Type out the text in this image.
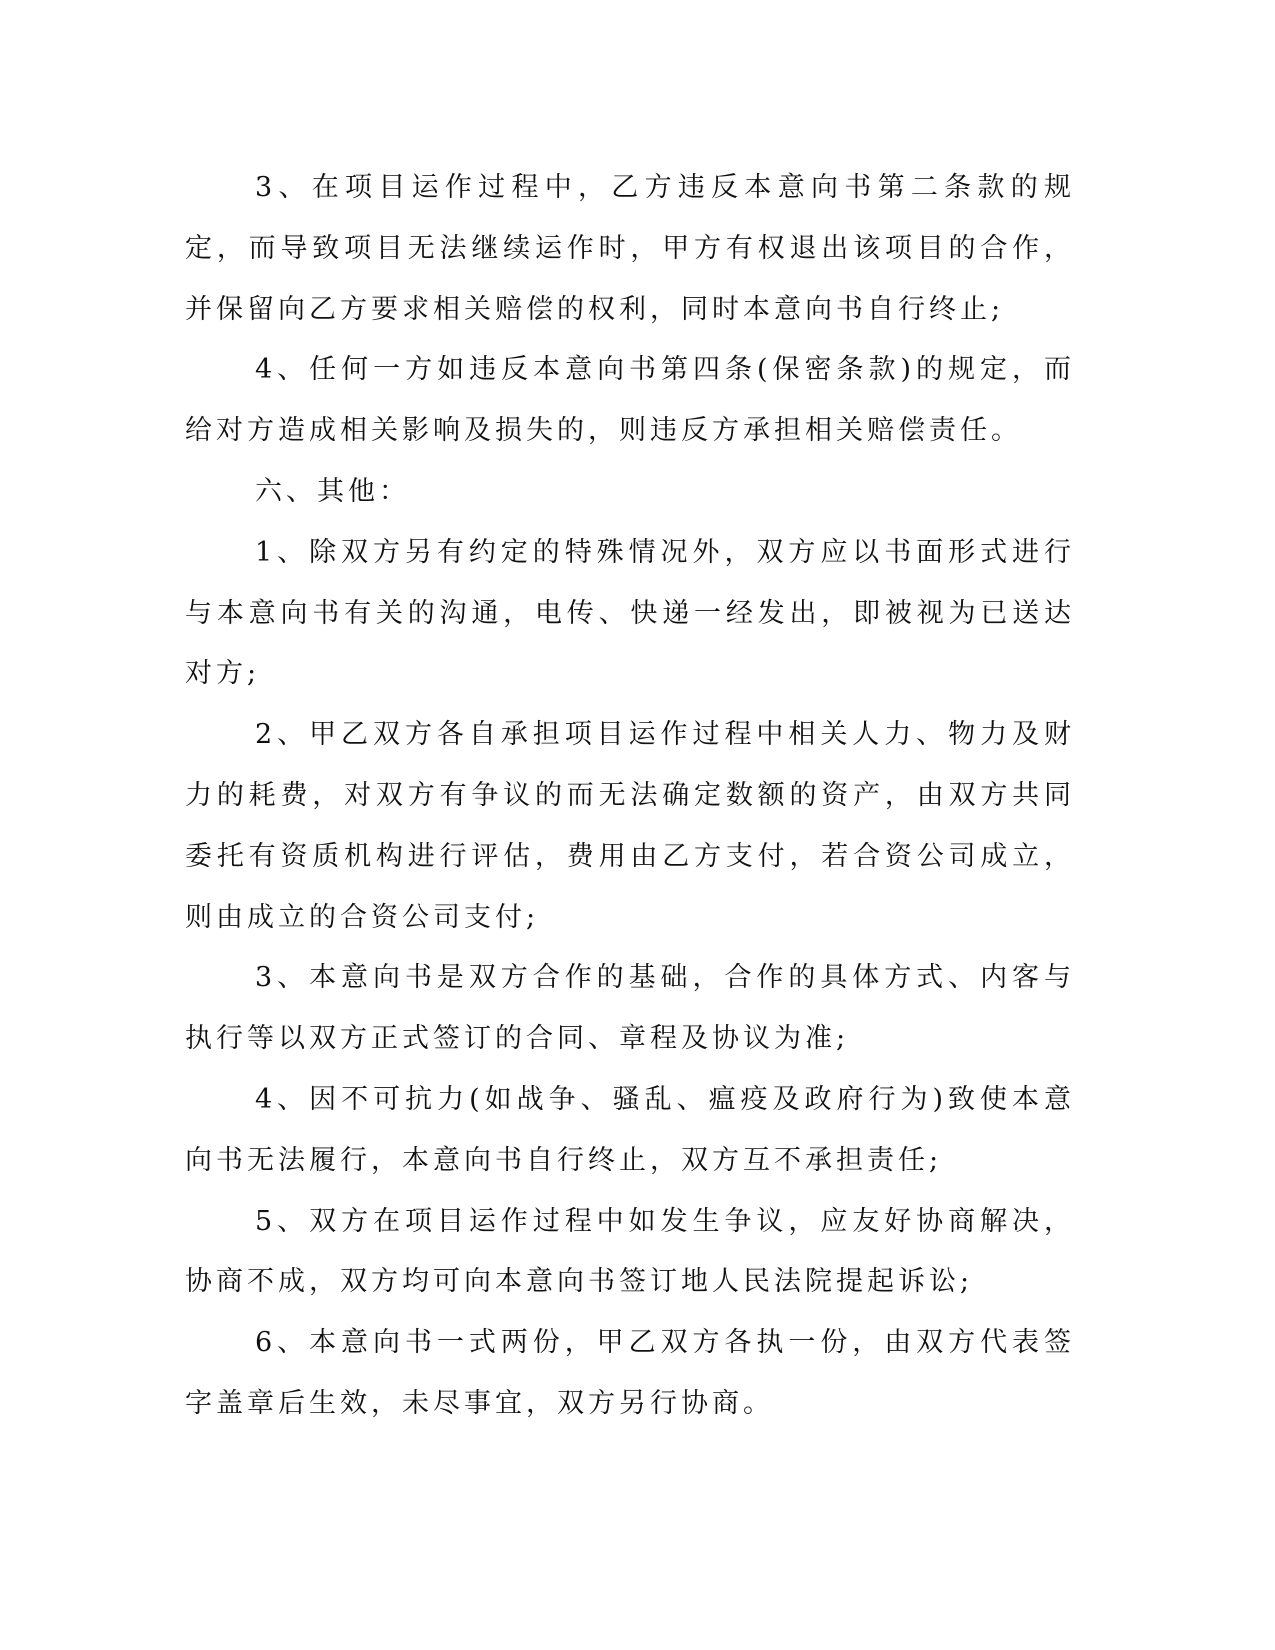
3、在项目运作过程中，乙方违反本意向书第二条款的规定，而导致项目无法继续运作时，甲方有权退出该项目的合作，并保留向乙方要求相关赔偿的权利，同时本意向书自行终止;

4、任何一方如违反本意向书第四条(保密条款)的规定，而给对方造成相关影响及损失的，则违反方承担相关赔偿责任。

六、其他：

1、除双方另有约定的特殊情况外，双方应以书面形式进行与本意向书有关的沟通，电传、快递一经发出，即被视为已送达对方;

2、甲乙双方各自承担项目运作过程中相关人力、物力及财力的耗费，对双方有争议的而无法确定数额的资产，由双方共同委托有资质机构进行评估，费用由乙方支付，若合资公司成立，则由成立的合资公司支付;

3、本意向书是双方合作的基础，合作的具体方式、内客与执行等以双方正式签订的合同、章程及协议为准;

4、因不可抗力(如战争、骚乱、瘟疫及政府行为)致使本意向书无法履行，本意向书自行终止，双方互不承担责任;

5、双方在项目运作过程中如发生争议，应友好协商解决，协商不成，双方均可向本意向书签订地人民法院提起诉讼;

6、本意向书一式两份，甲乙双方各执一份，由双方代表签字盖章后生效，未尽事宜，双方另行协商。
